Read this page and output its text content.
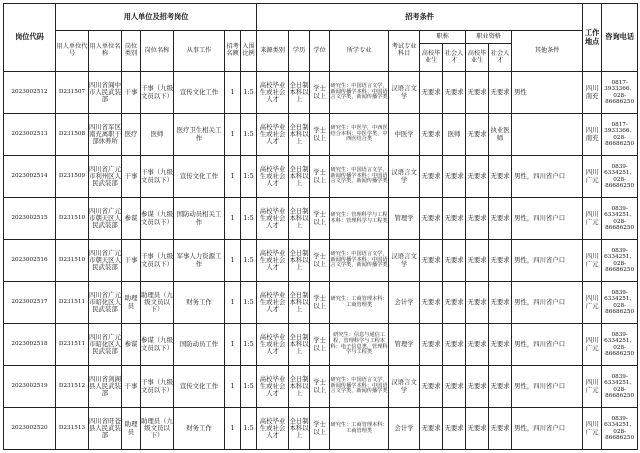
岗位代码	用人单位及招考岗位							招考条件										工作地点	咨询电话
	用人单位代号	用人单位名称	岗位类别	岗位名称	从事工作	招考名额	入围比例	来源类别	学历	学位	所学专业	考试专业科目	职称		职业资格		其他条件		
													高校毕业生	社会人才	高校毕业生	社会人才			
2023002512	D231507	四川省阆中市人民武装部	干事	干事（九级文员以下）	宣传文化工作	1	1:5	高校毕业生或社会人才	全日制本科以上	学士以上	研究生：中国语言文学，新闻传播学本科：中国语言文学类，新闻传播学类	汉语言文学	无要求	无要求	无要求	无要求	男性	四川南充	0817-3933366、028-86686250
2023002513	D231508	四川省军区南充离职干部休养所	医疗	医师	医疗卫生相关工作	1	1:5	高校毕业生或社会人才	全日制本科以上	学士以上	研究生：中医学，中西医结合本科：中医学类，中西医结合类	中医学	无要求	医师	无要求	执业医师		四川南充	0817-3933366、028-86686250
2023002514	D231509	四川省广元市利州区人民武装部	干事	干事（九级文员以下）	宣传文化工作	1	1:5	高校毕业生或社会人才	全日制本科以上	学士以上	研究生：中国语言文学，新闻传播学本科：中国语言文学类，新闻传播学类	汉语言文学	无要求	无要求	无要求	无要求	男性，四川省户口	四川广元	0839-6334251、028-86686250
2023002515	D231510	四川省广元市朝天区人民武装部	参谋	参谋（九级文员以下）	国防动员相关工作	1	1:5	高校毕业生或社会人才	全日制本科以上	学士以上	研究生：管理科学与工程本科：管理科学与工程类	管理学	无要求	无要求	无要求	无要求	男性，四川省户口	四川广元	0839-6334251、028-86686250
2023002516	D231510	四川省广元市朝天区人民武装部	干事	干事（九级文员以下）	军事人力资源工作	1	1:5	高校毕业生或社会人才	全日制本科以上	学士以上	研究生：中国语言文学，新闻传播学本科：中国语言文学类，新闻传播学类	汉语言文学	无要求	无要求	无要求	无要求	男性，四川省户口	四川广元	0839-6334251、028-86686250
2023002517	D231511	四川省广元市昭化区人民武装部	助理员	助理员（九级文员以下）	财务工作	1	1:5	高校毕业生或社会人才	全日制本科以上	学士以上	研究生：工商管理本科：工商管理类	会计学	无要求	无要求	无要求	无要求	男性，四川省户口	四川广元	0839-6334251、028-86686250
2023002518	D231511	四川省广元市昭化区人民武装部	参谋	参谋（九级文员以下）	国防动员工作	1	1:5	高校毕业生或社会人才	全日制本科以上	学士以上	研究生：信息与通信工程，管理科学与工程本科：电子信息类，管理科学与工程类	管理学	无要求	无要求	无要求	无要求	男性，四川省户口	四川广元	0839-6334251、028-86686250
2023002519	D231512	四川省剑阁县人民武装部	干事	干事（九级文员以下）	宣传文化工作	1	1:5	高校毕业生或社会人才	全日制本科以上	学士以上	研究生：中国语言文学，新闻传播学本科：中国语言文学类，新闻传播学类	汉语言文学	无要求	无要求	无要求	无要求	男性，四川省户口	四川广元	0839-6334251、028-86686250
2023002520	D231513	四川省旺苍县人民武装部	助理员	助理员（九级文员以下）	财务工作	1	1:5	高校毕业生或社会人才	全日制本科以上	学士以上	研究生：工商管理本科：工商管理类	会计学	无要求	无要求	无要求	无要求	男性，四川省户口	四川广元	0839-6334251、028-86686250
